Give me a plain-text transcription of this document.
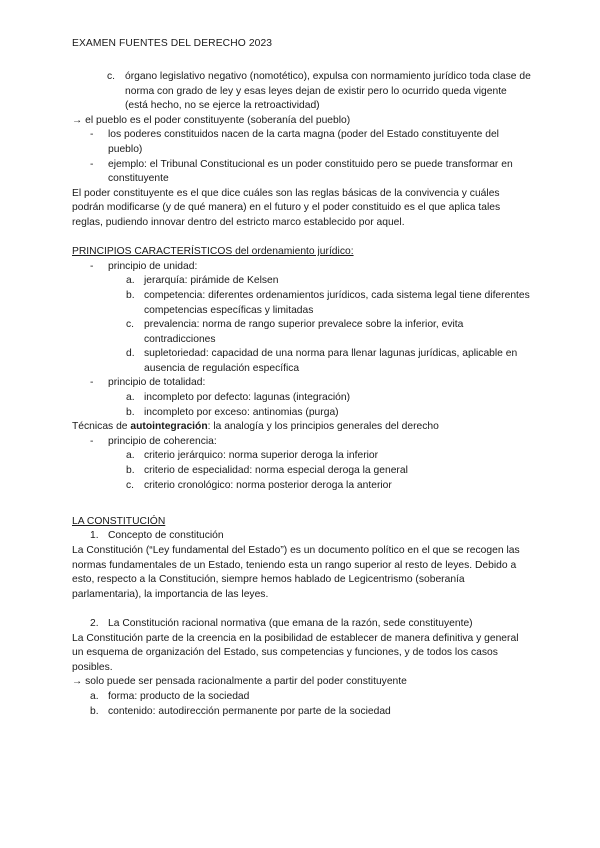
EXAMEN FUENTES DEL DERECHO 2023
c. órgano legislativo negativo (nomotético), expulsa con normamiento jurídico toda clase de norma con grado de ley y esas leyes dejan de existir pero lo ocurrido queda vigente (está hecho, no se ejerce la retroactividad)

→ el pueblo es el poder constituyente (soberanía del pueblo)

-	los poderes constituidos nacen de la carta magna (poder del Estado constituyente del pueblo)
-	ejemplo: el Tribunal Constitucional es un poder constituido pero se puede transformar en constituyente

El poder constituyente es el que dice cuáles son las reglas básicas de la convivencia y cuáles podrán modificarse (y de qué manera) en el futuro y el poder constituido es el que aplica tales reglas, pudiendo innovar dentro del estricto marco establecido por aquel.

PRINCIPIOS CARACTERÍSTICOS del ordenamiento jurídico:

-	principio de unidad:
a. jerarquía: pirámide de Kelsen
b. competencia: diferentes ordenamientos jurídicos, cada sistema legal tiene diferentes competencias específicas y limitadas
c. prevalencia: norma de rango superior prevalece sobre la inferior, evita contradicciones
d. supletoriedad: capacidad de una norma para llenar lagunas jurídicas, aplicable en ausencia de regulación específica
-	principio de totalidad:
a. incompleto por defecto: lagunas (integración)
b. incompleto por exceso: antinomias (purga)

Técnicas de autointegración: la analogía y los principios generales del derecho

-	principio de coherencia:
a. criterio jerárquico: norma superior deroga la inferior
b. criterio de especialidad: norma especial deroga la general
c. criterio cronológico: norma posterior deroga la anterior

LA CONSTITUCIÓN

1. Concepto de constitución

La Constitución (“Ley fundamental del Estado”) es un documento político en el que se recogen las normas fundamentales de un Estado, teniendo esta un rango superior al resto de leyes. Debido a esto, respecto a la Constitución, siempre hemos hablado de Legicentrismo (soberanía parlamentaria), la importancia de las leyes.

2. La Constitución racional normativa (que emana de la razón, sede constituyente)

La Constitución parte de la creencia en la posibilidad de establecer de manera definitiva y general un esquema de organización del Estado, sus competencias y funciones, y de todos los casos posibles.

→ solo puede ser pensada racionalmente a partir del poder constituyente

a. forma: producto de la sociedad
b. contenido: autodirección permanente por parte de la sociedad
